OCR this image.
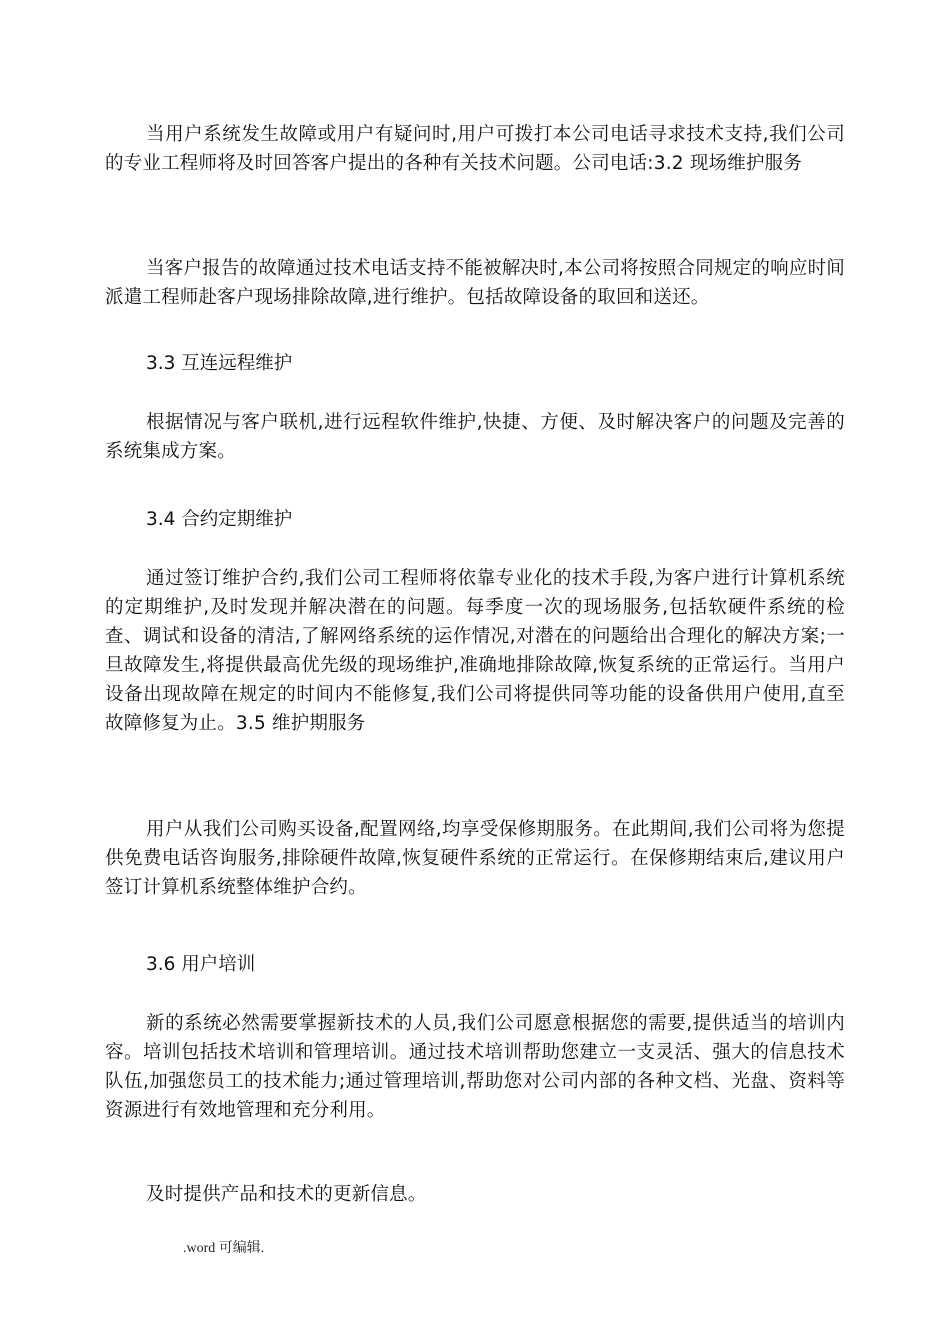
当用户系统发生故障或用户有疑问时,用户可拨打本公司电话寻求技术支持,我们公司的专业工程师将及时回答客户提出的各种有关技术问题。公司电话:3.2 现场维护服务

当客户报告的故障通过技术电话支持不能被解决时,本公司将按照合同规定的响应时间派遣工程师赴客户现场排除故障,进行维护。包括故障设备的取回和送还。

3.3 互连远程维护

根据情况与客户联机,进行远程软件维护,快捷、方便、及时解决客户的问题及完善的系统集成方案。

3.4 合约定期维护

通过签订维护合约,我们公司工程师将依靠专业化的技术手段,为客户进行计算机系统的定期维护,及时发现并解决潜在的问题。每季度一次的现场服务,包括软硬件系统的检查、调试和设备的清洁,了解网络系统的运作情况,对潜在的问题给出合理化的解决方案;一旦故障发生,将提供最高优先级的现场维护,准确地排除故障,恢复系统的正常运行。当用户设备出现故障在规定的时间内不能修复,我们公司将提供同等功能的设备供用户使用,直至故障修复为止。3.5 维护期服务

用户从我们公司购买设备,配置网络,均享受保修期服务。在此期间,我们公司将为您提供免费电话咨询服务,排除硬件故障,恢复硬件系统的正常运行。在保修期结束后,建议用户签订计算机系统整体维护合约。

3.6 用户培训

新的系统必然需要掌握新技术的人员,我们公司愿意根据您的需要,提供适当的培训内容。培训包括技术培训和管理培训。通过技术培训帮助您建立一支灵活、强大的信息技术队伍,加强您员工的技术能力;通过管理培训,帮助您对公司内部的各种文档、光盘、资料等资源进行有效地管理和充分利用。

及时提供产品和技术的更新信息。

.word 可编辑.
